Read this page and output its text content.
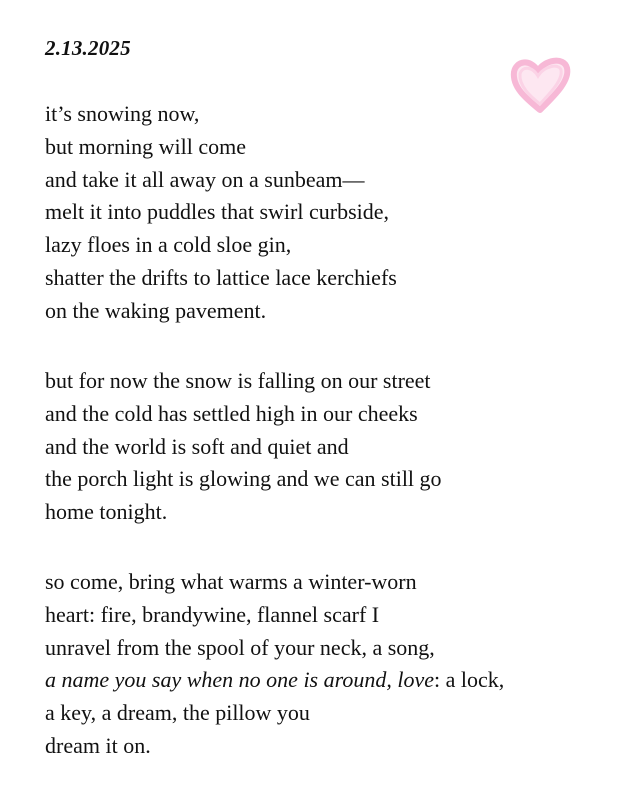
2.13.2025
it’s snowing now,
but morning will come
and take it all away on a sunbeam—
melt it into puddles that swirl curbside,
lazy floes in a cold sloe gin,
shatter the drifts to lattice lace kerchiefs
on the waking pavement.
but for now the snow is falling on our street
and the cold has settled high in our cheeks
and the world is soft and quiet and
the porch light is glowing and we can still go
home tonight.
so come, bring what warms a winter-worn
heart: fire, brandywine, flannel scarf I
unravel from the spool of your neck, a song,
a name you say when no one is around, love: a lock,
a key, a dream, the pillow you
dream it on.
